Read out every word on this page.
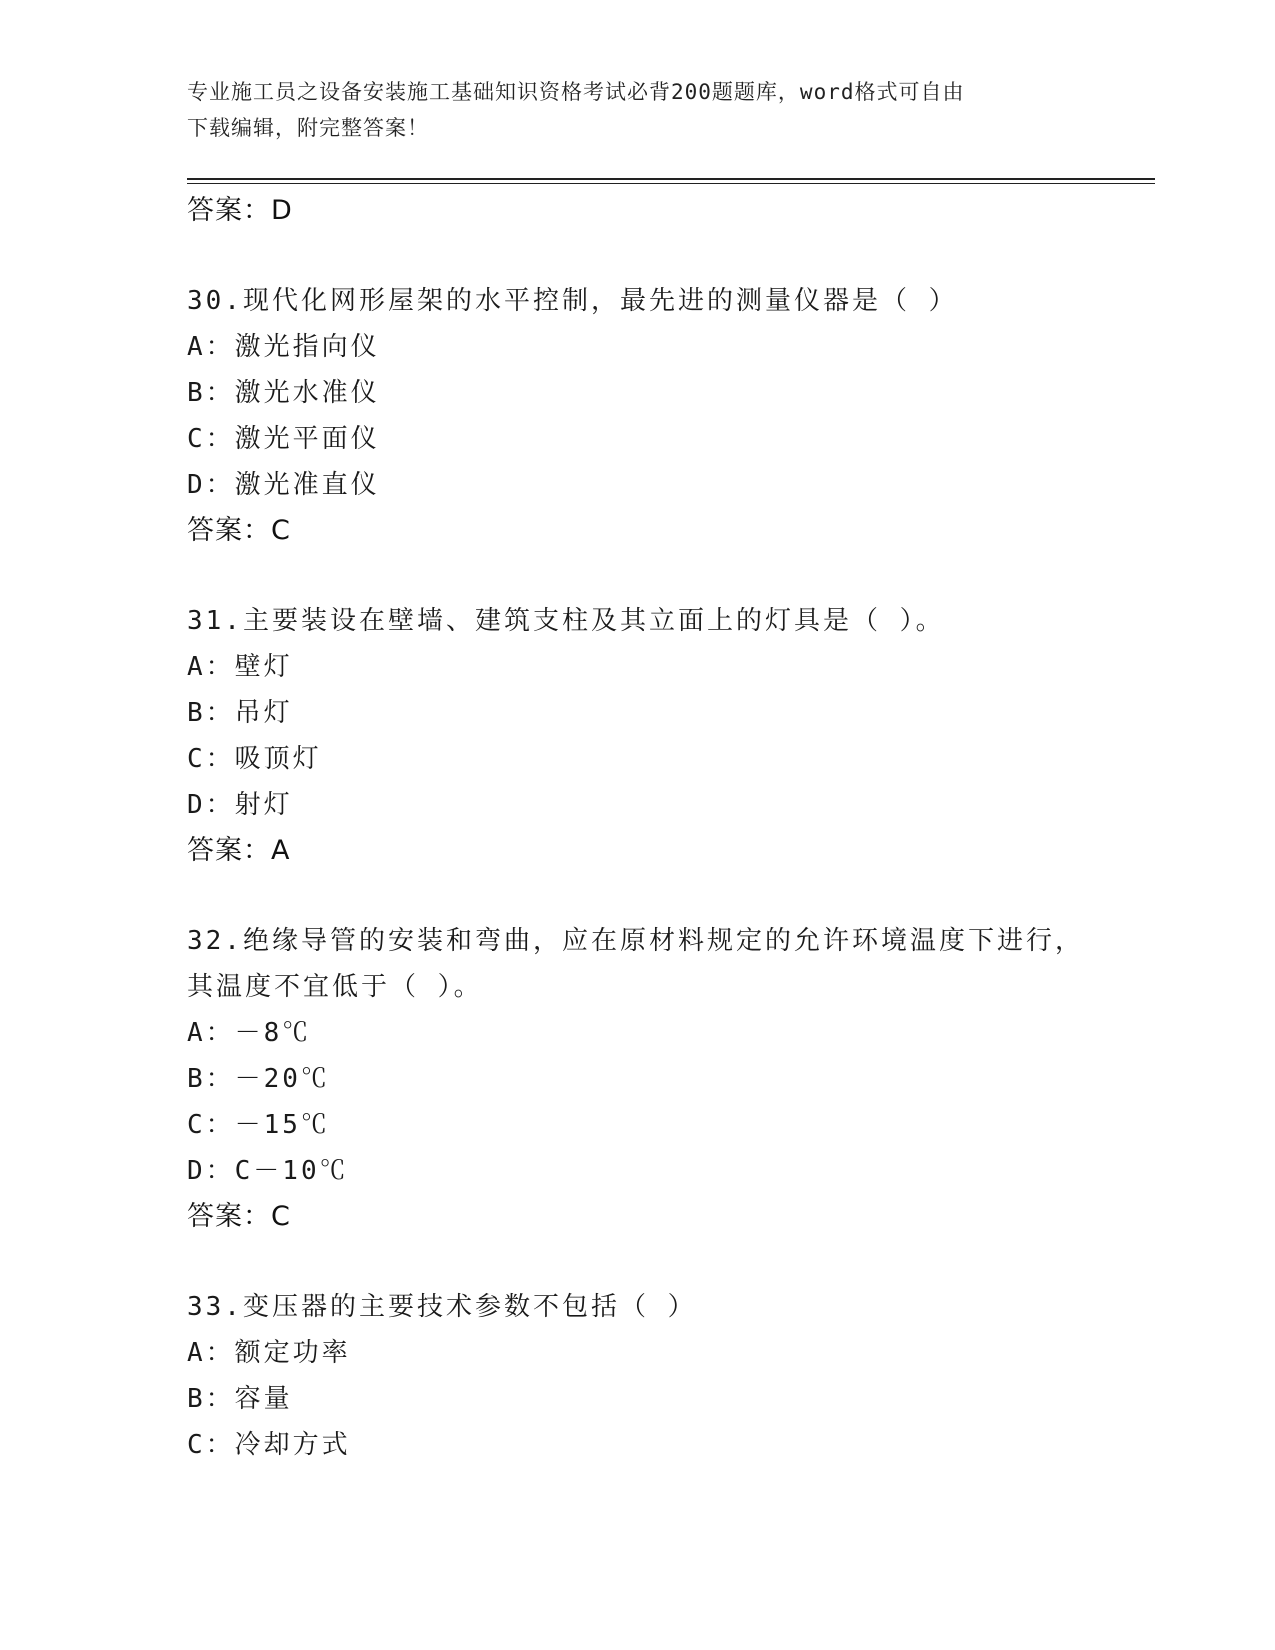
专业施工员之设备安装施工基础知识资格考试必背200题题库，word格式可自由
下载编辑，附完整答案！
答案：D
30.现代化网形屋架的水平控制，最先进的测量仪器是（ ）
A：激光指向仪
B：激光水准仪
C：激光平面仪
D：激光准直仪
答案：C
31.主要装设在壁墙、建筑支柱及其立面上的灯具是（ ）。
A：壁灯
B：吊灯
C：吸顶灯
D：射灯
答案：A
32.绝缘导管的安装和弯曲，应在原材料规定的允许环境温度下进行，
其温度不宜低于（ ）。
A：－8℃
B：－20℃
C：－15℃
D：C－10℃
答案：C
33.变压器的主要技术参数不包括（ ）
A：额定功率
B：容量
C：冷却方式
